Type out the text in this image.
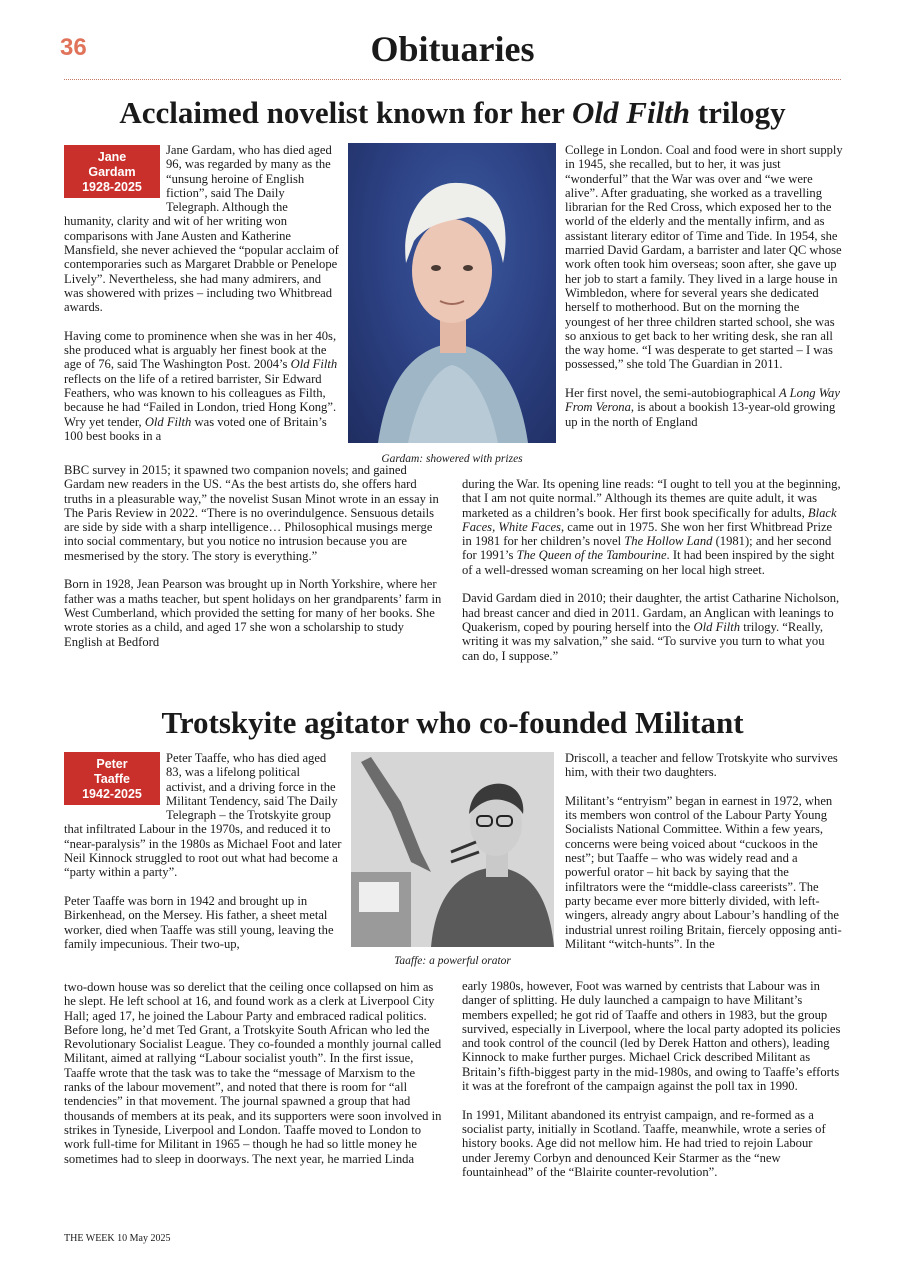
36	Obituaries
Acclaimed novelist known for her Old Filth trilogy
Jane
Gardam
1928-2025

Jane Gardam, who has died aged 96, was regarded by many as the “unsung heroine of English fiction”, said The Daily Telegraph. Although the humanity, clarity and wit of her writing won comparisons with Jane Austen and Katherine Mansfield, she never achieved the “popular acclaim of contemporaries such as Margaret Drabble or Penelope Lively”. Nevertheless, she had many admirers, and was showered with prizes – including two Whitbread awards.

Having come to prominence when she was in her 40s, she produced what is arguably her finest book at the age of 76, said The Washington Post. 2004’s Old Filth reflects on the life of a retired barrister, Sir Edward Feathers, who was known to his colleagues as Filth, because he had “Failed in London, tried Hong Kong”. Wry yet tender, Old Filth was voted one of Britain’s 100 best books in a

Gardam: showered with prizes

BBC survey in 2015; it spawned two companion novels; and gained Gardam new readers in the US. “As the best artists do, she offers hard truths in a pleasurable way,” the novelist Susan Minot wrote in an essay in The Paris Review in 2022. “There is no overindulgence. Sensuous details are side by side with a sharp intelligence… Philosophical musings merge into social commentary, but you notice no intrusion because you are mesmerised by the story. The story is everything.”

Born in 1928, Jean Pearson was brought up in North Yorkshire, where her father was a maths teacher, but spent holidays on her grandparents’ farm in West Cumberland, which provided the setting for many of her books. She wrote stories as a child, and aged 17 she won a scholarship to study English at Bedford

College in London. Coal and food were in short supply in 1945, she recalled, but to her, it was just “wonderful” that the War was over and “we were alive”. After graduating, she worked as a travelling librarian for the Red Cross, which exposed her to the world of the elderly and the mentally infirm, and as assistant literary editor of Time and Tide. In 1954, she married David Gardam, a barrister and later QC whose work often took him overseas; soon after, she gave up her job to start a family. They lived in a large house in Wimbledon, where for several years she dedicated herself to motherhood. But on the morning the youngest of her three children started school, she was so anxious to get back to her writing desk, she ran all the way home. “I was desperate to get started – I was possessed,” she told The Guardian in 2011.

Her first novel, the semi-autobiographical A Long Way From Verona, is about a bookish 13-year-old growing up in the north of England

during the War. Its opening line reads: “I ought to tell you at the beginning, that I am not quite normal.” Although its themes are quite adult, it was marketed as a children’s book. Her first book specifically for adults, Black Faces, White Faces, came out in 1975. She won her first Whitbread Prize in 1981 for her children’s novel The Hollow Land (1981); and her second for 1991’s The Queen of the Tambourine. It had been inspired by the sight of a well-dressed woman screaming on her local high street.

David Gardam died in 2010; their daughter, the artist Catharine Nicholson, had breast cancer and died in 2011. Gardam, an Anglican with leanings to Quakerism, coped by pouring herself into the Old Filth trilogy. “Really, writing it was my salvation,” she said. “To survive you turn to what you can do, I suppose.”

Trotskyite agitator who co-founded Militant
Peter
Taaffe
1942-2025

Peter Taaffe, who has died aged 83, was a lifelong political activist, and a driving force in the Militant Tendency, said The Daily Telegraph – the Trotskyite group that infiltrated Labour in the 1970s, and reduced it to “near-paralysis” in the 1980s as Michael Foot and later Neil Kinnock struggled to root out what had become a “party within a party”.

Peter Taaffe was born in 1942 and brought up in Birkenhead, on the Mersey. His father, a sheet metal worker, died when Taaffe was still young, leaving the family impecunious. Their two-up,

Taaffe: a powerful orator

two-down house was so derelict that the ceiling once collapsed on him as he slept. He left school at 16, and found work as a clerk at Liverpool City Hall; aged 17, he joined the Labour Party and embraced radical politics. Before long, he’d met Ted Grant, a Trotskyite South African who led the Revolutionary Socialist League. They co-founded a monthly journal called Militant, aimed at rallying “Labour socialist youth”. In the first issue, Taaffe wrote that the task was to take the “message of Marxism to the ranks of the labour movement”, and noted that there is room for “all tendencies” in that movement. The journal spawned a group that had thousands of members at its peak, and its supporters were soon involved in strikes in Tyneside, Liverpool and London. Taaffe moved to London to work full-time for Militant in 1965 – though he had so little money he sometimes had to sleep in doorways. The next year, he married Linda

Driscoll, a teacher and fellow Trotskyite who survives him, with their two daughters.

Militant’s “entryism” began in earnest in 1972, when its members won control of the Labour Party Young Socialists National Committee. Within a few years, concerns were being voiced about “cuckoos in the nest”; but Taaffe – who was widely read and a powerful orator – hit back by saying that the infiltrators were the “middle-class careerists”. The party became ever more bitterly divided, with left-wingers, already angry about Labour’s handling of the industrial unrest roiling Britain, fiercely opposing anti-Militant “witch-hunts”. In the

early 1980s, however, Foot was warned by centrists that Labour was in danger of splitting. He duly launched a campaign to have Militant’s members expelled; he got rid of Taaffe and others in 1983, but the group survived, especially in Liverpool, where the local party adopted its policies and took control of the council (led by Derek Hatton and others), leading Kinnock to make further purges. Michael Crick described Militant as Britain’s fifth-biggest party in the mid-1980s, and owing to Taaffe’s efforts it was at the forefront of the campaign against the poll tax in 1990.

In 1991, Militant abandoned its entryist campaign, and re-formed as a socialist party, initially in Scotland. Taaffe, meanwhile, wrote a series of history books. Age did not mellow him. He had tried to rejoin Labour under Jeremy Corbyn and denounced Keir Starmer as the “new fountainhead” of the “Blairite counter-revolution”.

THE WEEK 10 May 2025
